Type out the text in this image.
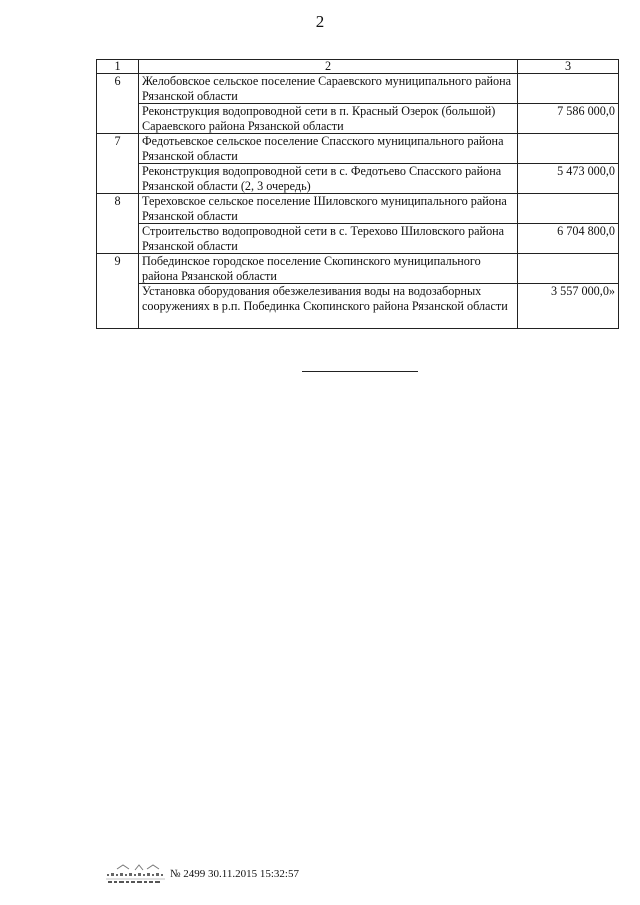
2
1	2	3
6	Желобовское сельское поселение Сараевского муниципального района Рязанской области	
	Реконструкция водопроводной сети в п. Красный Озерок (большой) Сараевского района Рязанской области	7 586 000,0
7	Федотьевское сельское поселение Спасского муниципального района Рязанской области	
	Реконструкция водопроводной сети в с. Федотьево Спасского района Рязанской области (2, 3 очередь)	5 473 000,0
8	Тереховское сельское поселение Шиловского муниципального района Рязанской области	
	Строительство водопроводной сети в с. Терехово Шиловского района Рязанской области	6 704 800,0
9	Побединское городское поселение Скопинского муниципального района Рязанской области	
	Установка оборудования обезжелезивания воды на водозаборных сооружениях в р.п. Побединка Скопинского района Рязанской области	3 557 000,0»
№ 2499 30.11.2015 15:32:57
